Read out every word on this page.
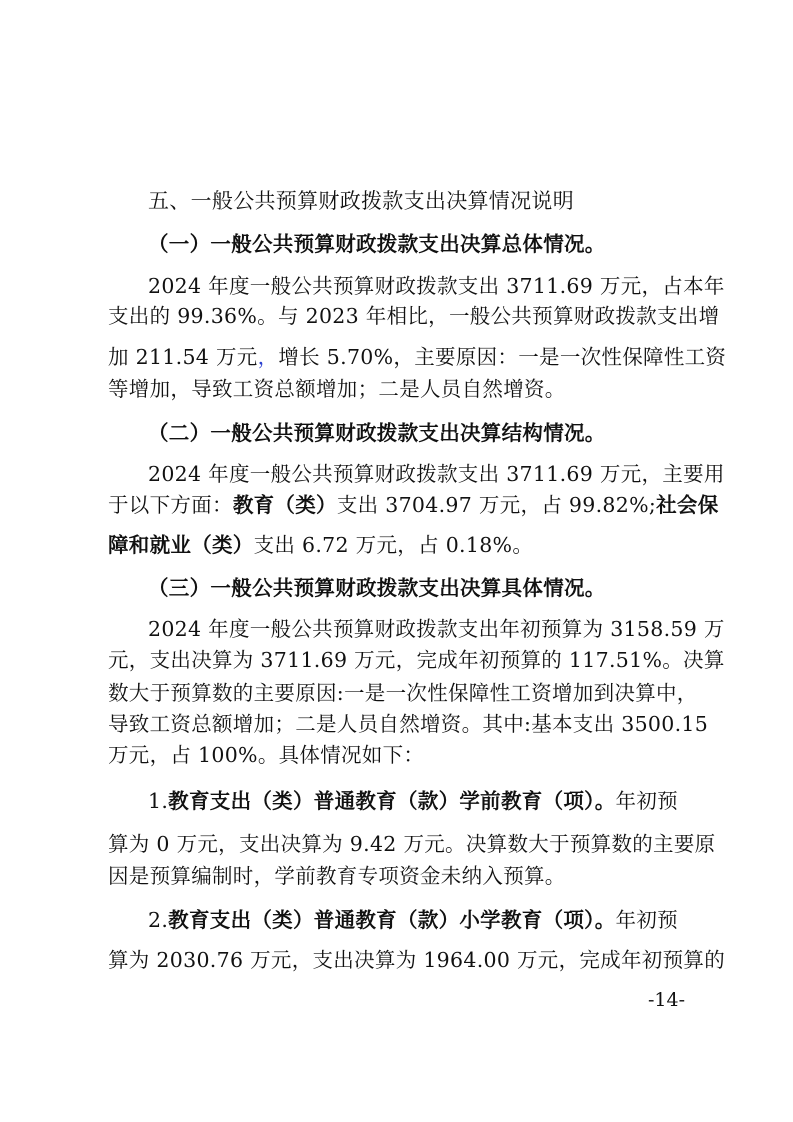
五、一般公共预算财政拨款支出决算情况说明
（一）一般公共预算财政拨款支出决算总体情况。
2024 年度一般公共预算财政拨款支出 3711.69 万元，占本年
支出的 99.36%。与 2023 年相比，一般公共预算财政拨款支出增
加 211.54 万元，增长 5.70%，主要原因：一是一次性保障性工资
等增加，导致工资总额增加；二是人员自然增资。
（二）一般公共预算财政拨款支出决算结构情况。
2024 年度一般公共预算财政拨款支出 3711.69 万元，主要用
于以下方面：教育（类）支出 3704.97 万元，占 99.82%;社会保
障和就业（类）支出 6.72 万元，占 0.18%。
（三）一般公共预算财政拨款支出决算具体情况。
2024 年度一般公共预算财政拨款支出年初预算为 3158.59 万
元，支出决算为 3711.69 万元，完成年初预算的 117.51%。决算
数大于预算数的主要原因:一是一次性保障性工资增加到决算中，
导致工资总额增加；二是人员自然增资。其中:基本支出 3500.15
万元，占 100%。具体情况如下：
1.教育支出（类）普通教育（款）学前教育（项）。年初预
算为 0 万元，支出决算为 9.42 万元。决算数大于预算数的主要原
因是预算编制时，学前教育专项资金未纳入预算。
2.教育支出（类）普通教育（款）小学教育（项）。年初预
算为 2030.76 万元，支出决算为 1964.00 万元，完成年初预算的
-14-
